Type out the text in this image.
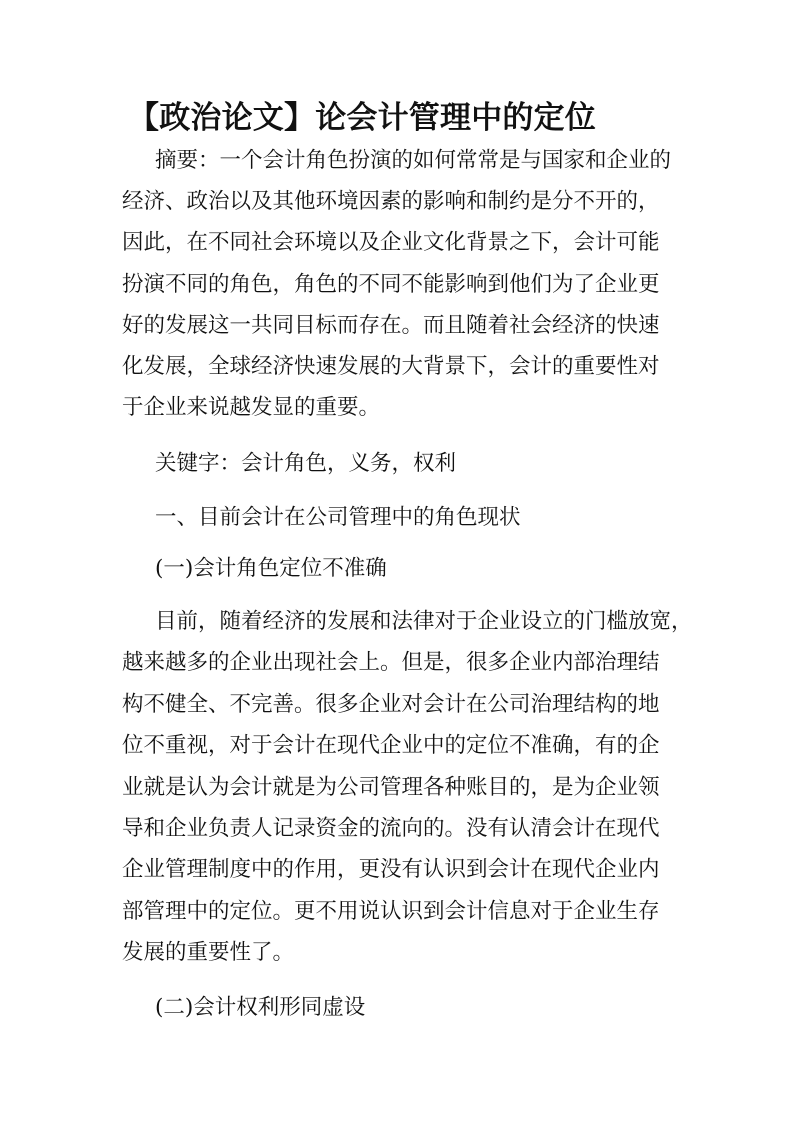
【政治论文】论会计管理中的定位
摘要：一个会计角色扮演的如何常常是与国家和企业的
经济、政治以及其他环境因素的影响和制约是分不开的，
因此，在不同社会环境以及企业文化背景之下，会计可能
扮演不同的角色，角色的不同不能影响到他们为了企业更
好的发展这一共同目标而存在。而且随着社会经济的快速
化发展，全球经济快速发展的大背景下，会计的重要性对
于企业来说越发显的重要。
关键字：会计角色，义务，权利
一、目前会计在公司管理中的角色现状
(一)会计角色定位不准确
目前，随着经济的发展和法律对于企业设立的门槛放宽，
越来越多的企业出现社会上。但是，很多企业内部治理结
构不健全、不完善。很多企业对会计在公司治理结构的地
位不重视，对于会计在现代企业中的定位不准确，有的企
业就是认为会计就是为公司管理各种账目的，是为企业领
导和企业负责人记录资金的流向的。没有认清会计在现代
企业管理制度中的作用，更没有认识到会计在现代企业内
部管理中的定位。更不用说认识到会计信息对于企业生存
发展的重要性了。
(二)会计权利形同虚设
